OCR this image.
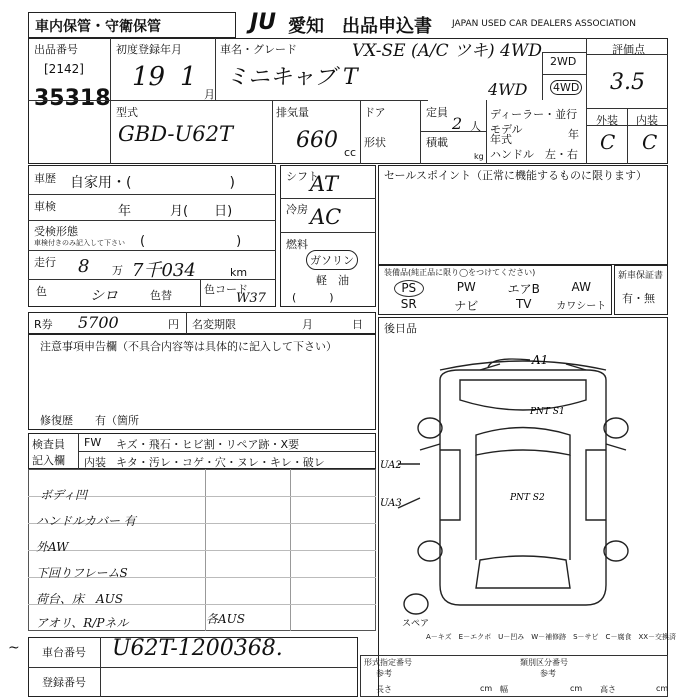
車内保管・守衛保管	JU 愛知 出品申込書 JAPAN USED CAR DEALERS ASSOCIATION
出品番号
[2142]
35318
初度登録年月
19 1
月
車名・グレード	VX-SE (A/C ツキ) 4WD
ミニキャブ T	4WD
2WD
4WD
評価点
3.5
外装 内装
C C
型式
GBD-U62T
排気量
660 cc
ドア
形状
定員
2 人
積載
kg
ディーラー・並行
モデル
年式	年
ハンドル　左・右
車歴 自家用・(　　　　　　　)
車検	年　　　月(　　日)
受検形態
車検付きのみ記入して下さい (　　　　　　　)
走行 8 万 7千034	km
色	シロ	色替	色コード
W37
シフト
AT
冷房 AC
燃料
ガソリン
軽　油
(　　　)
セールスポイント（正常に機能するものに限ります）
装備品(純正品に限り◯をつけてください)
PS	PW	エアB	AW
SR	ナビ	TV	カワシート
新車保証書
有・無
R券 5700	円 名変期限	月	日
注意事項申告欄（不具合内容等は具体的に記入して下さい）
修復歴　　有（箇所
後日品
検査員
記入欄
FW キズ・飛石・ヒビ割・リペア跡・X要
内装 キタ・汚レ・コゲ・穴・ヌレ・キレ・破レ
ボディ凹
ハンドルカバー 有
外AW
下回りフレームS
荷台、床　AUS
アオリ、R/Pネル	各AUS
車台番号 U62T-1200368.
登録番号
形式指定番号	類別区分番号
参考	参考
長さ	cm 幅	cm 高さ	cm
A1
PNT S1
PNT S2
UA2
UA3
スペア
A－キズ　E－エクボ　U－凹み　W－補修跡　S－サビ　C－腐食　XX－交換済
~
